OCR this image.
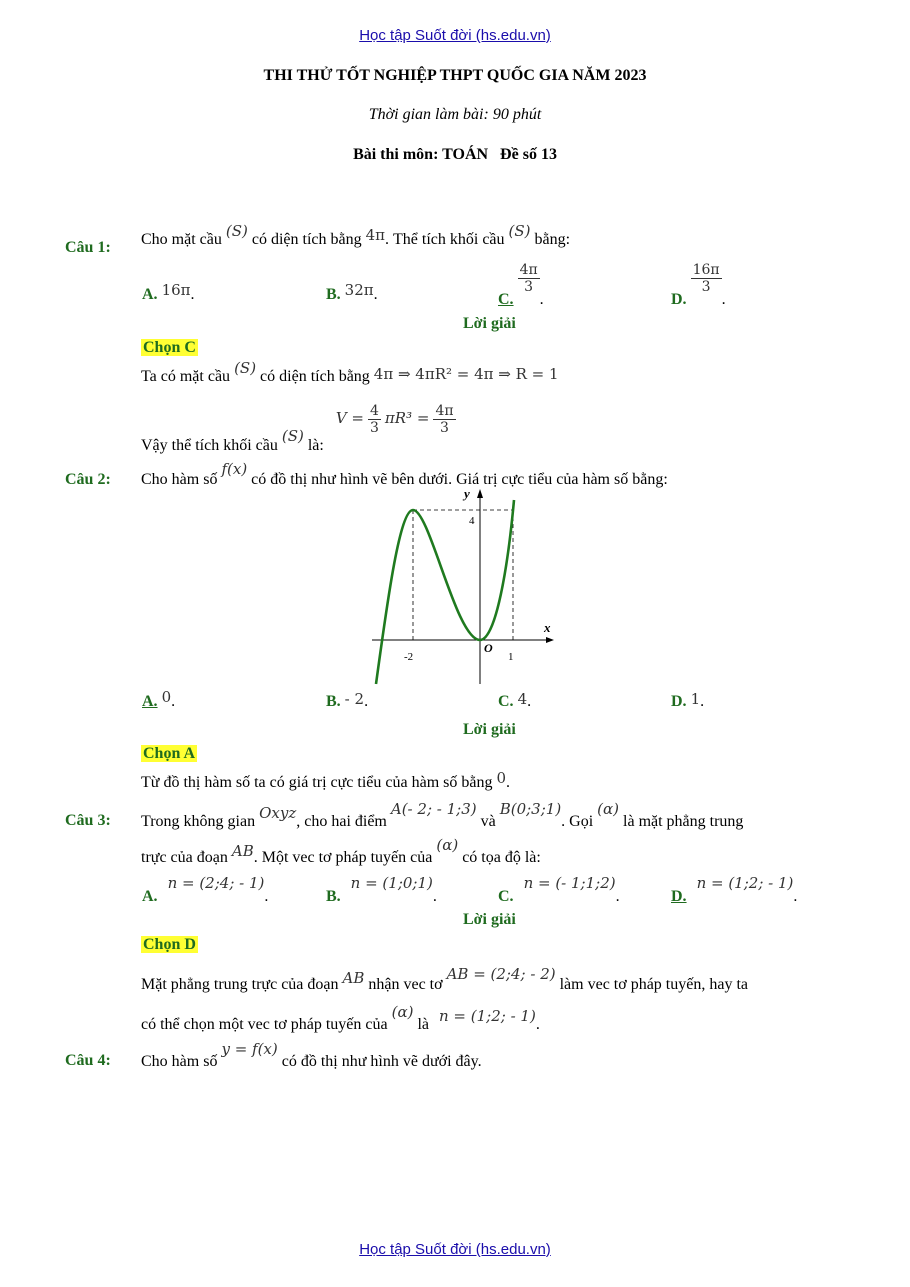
Học tập Suốt đời (hs.edu.vn)
THI THỬ TỐT NGHIỆP THPT QUỐC GIA NĂM 2023
Thời gian làm bài: 90 phút
Bài thi môn: TOÁN   Đề số 13
Câu 1: Cho mặt cầu (S) có diện tích bằng 4π. Thể tích khối cầu (S) bằng:
A. 16π.	B. 32π.	C.
$\frac{4\pi}{3}$
.	D.
$\frac{16\pi}{3}$
.
Lời giải
Chọn C
Ta có mặt cầu (S) có diện tích bằng 4π ⇒ 4πR² = 4π ⇒ R = 1
Vậy thể tích khối cầu (S) là: $V = \frac{4}{3} \pi R^3 = \frac{4\pi}{3}$
Câu 2: Cho hàm số f(x) có đồ thị như hình vẽ bên dưới. Giá trị cực tiểu của hàm số bằng:
y
x
O
4
-2	1
A. 0.	B. - 2.	C. 4.	D. 1.
Lời giải
Chọn A
Từ đồ thị hàm số ta có giá trị cực tiểu của hàm số bằng 0.
Câu 3: Trong không gian Oxyz, cho hai điểm A(- 2; - 1;3) và B(0;3;1). Gọi (α) là mặt phẳng trung
trực của đoạn AB. Một vec tơ pháp tuyến của (α) có tọa độ là:
A. n = (2;4; - 1).	B. n = (1;0;1).	C. n = (- 1;1;2).	D. n = (1;2; - 1).
Lời giải
Chọn D
Mặt phẳng trung trực của đoạn AB nhận vec tơ AB = (2;4; - 2) làm vec tơ pháp tuyến, hay ta
có thể chọn một vec tơ pháp tuyến của (α) là n = (1;2; - 1).
Câu 4: Cho hàm số y = f(x) có đồ thị như hình vẽ dưới đây.
Học tập Suốt đời (hs.edu.vn)
